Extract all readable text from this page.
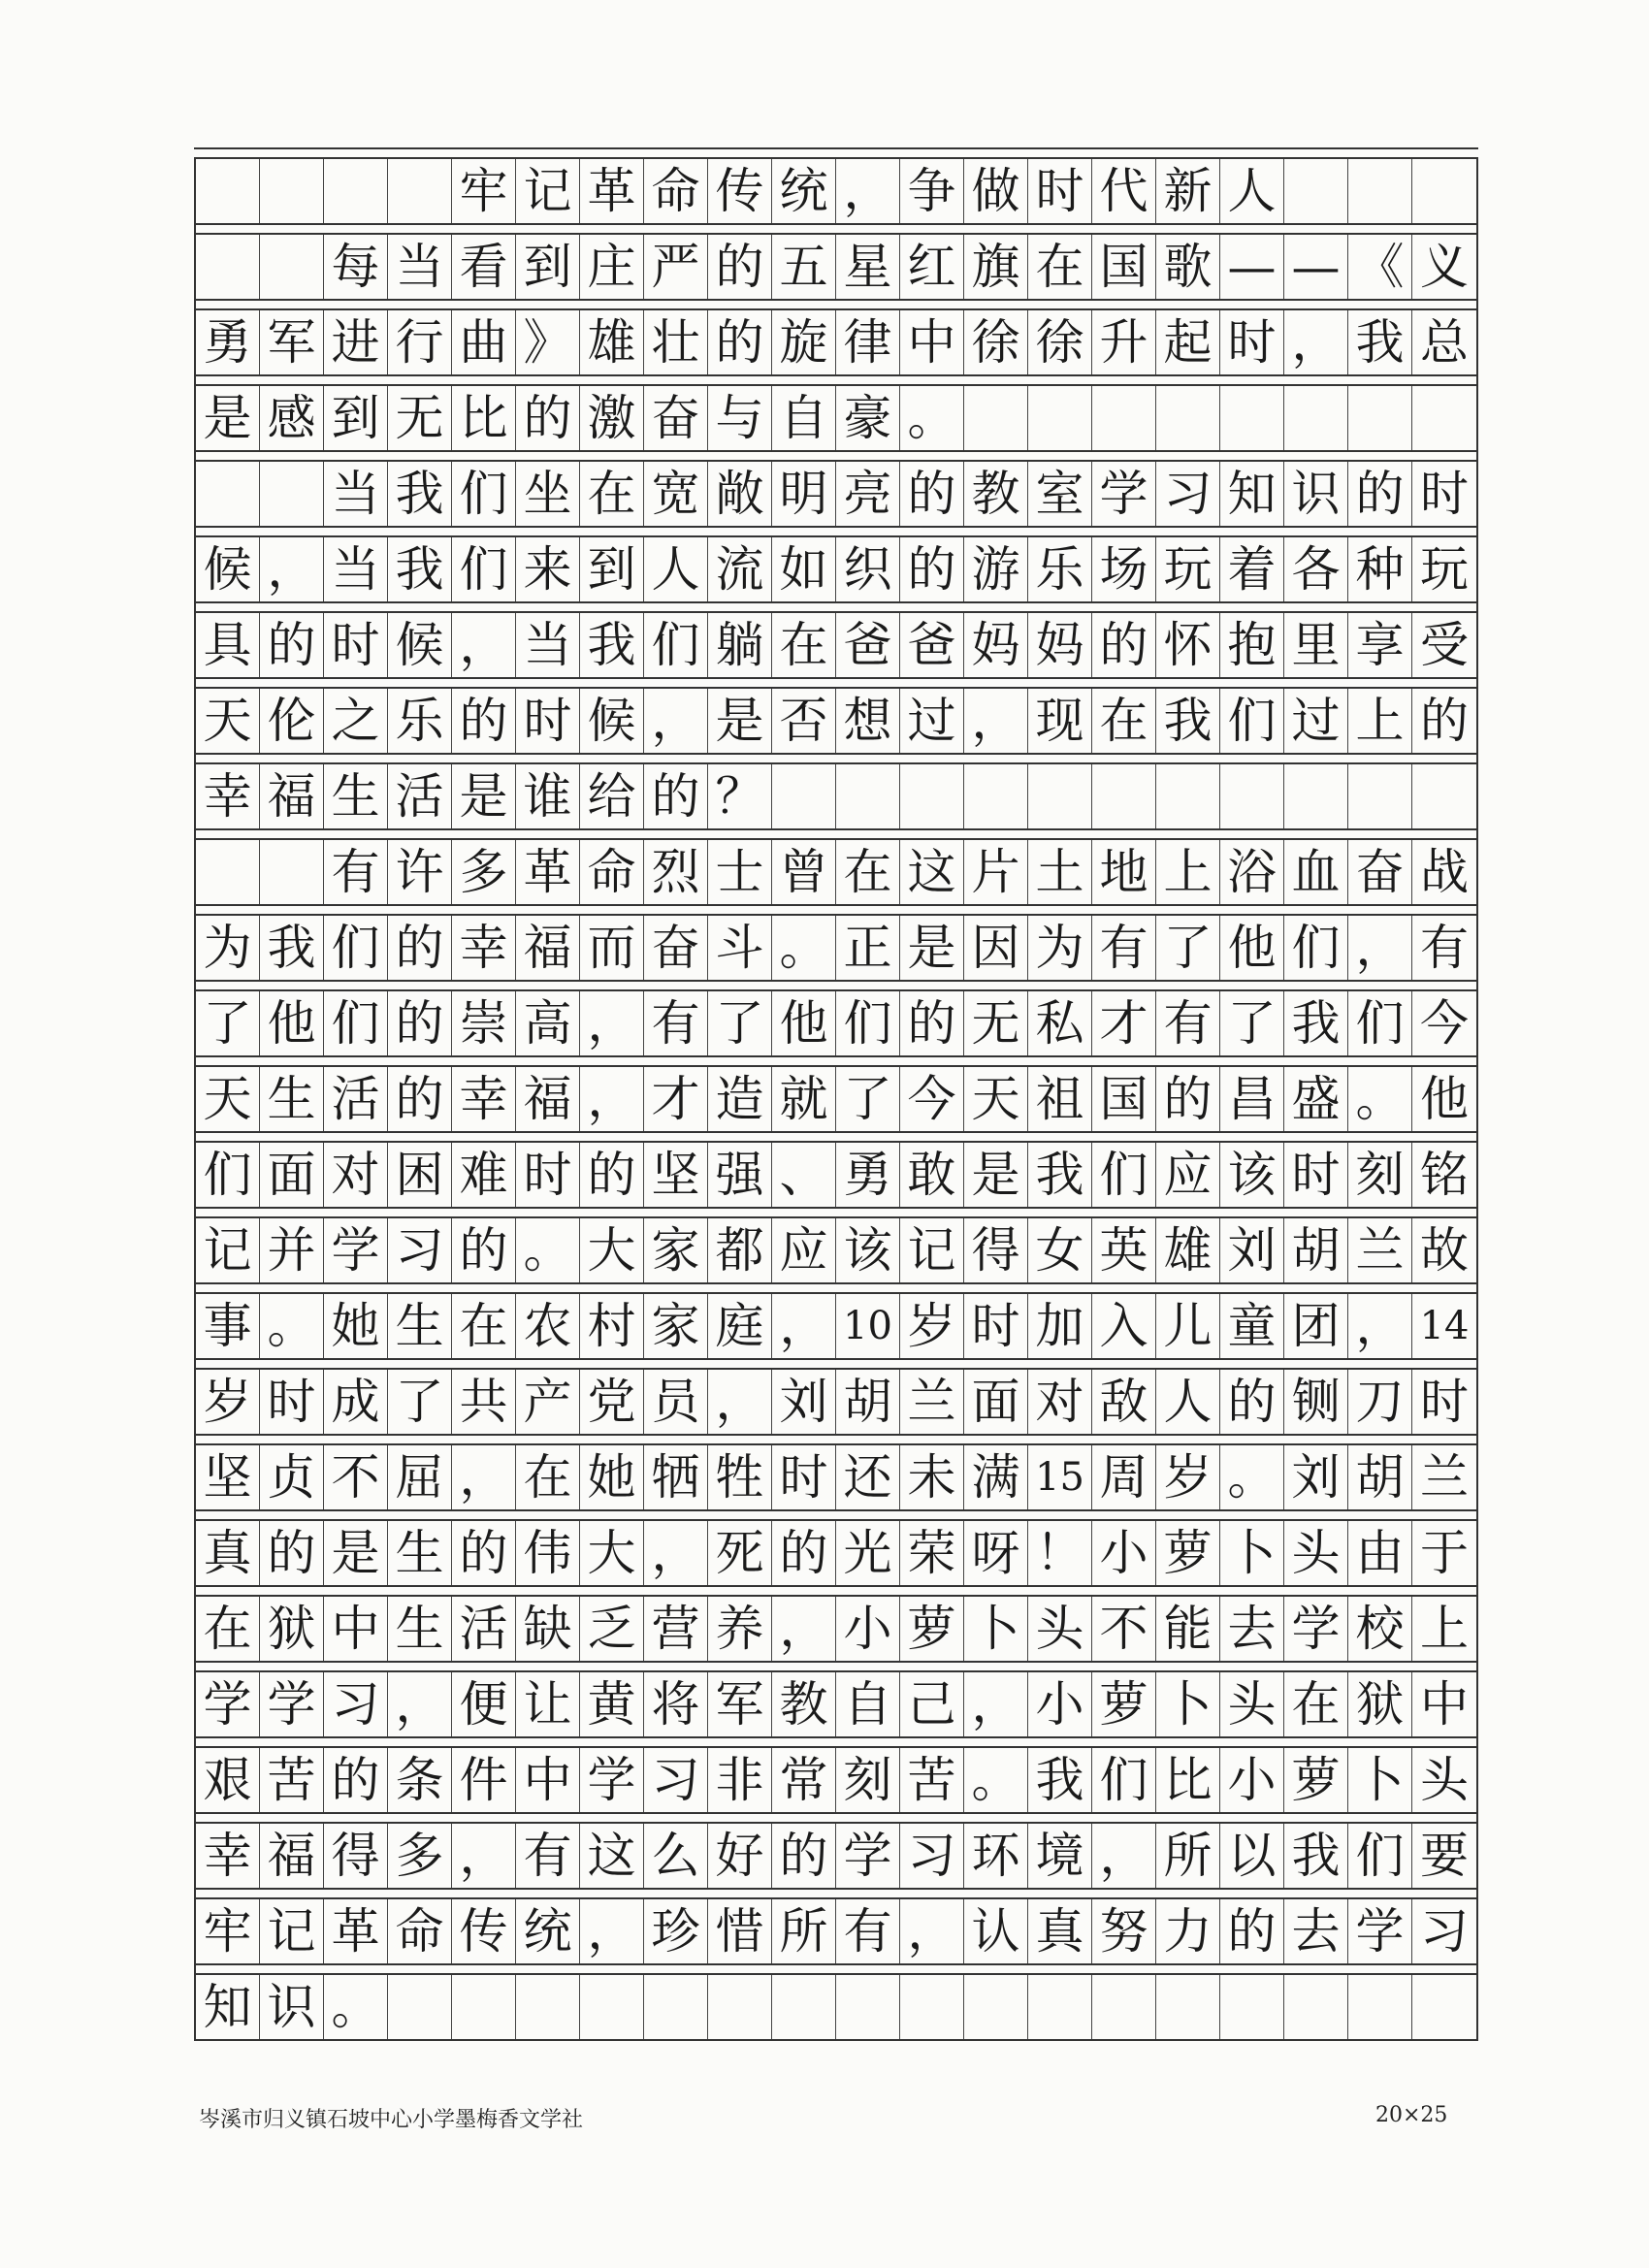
牢 记 革 命 传 统 ， 争 做 时 代 新 人
每 当 看 到 庄 严 的 五 星 红 旗 在 国 歌 — — 《 义
勇 军 进 行 曲 》 雄 壮 的 旋 律 中 徐 徐 升 起 时 ， 我 总
是 感 到 无 比 的 激 奋 与 自 豪 。
当 我 们 坐 在 宽 敞 明 亮 的 教 室 学 习 知 识 的 时
候 ， 当 我 们 来 到 人 流 如 织 的 游 乐 场 玩 着 各 种 玩
具 的 时 候 ， 当 我 们 躺 在 爸 爸 妈 妈 的 怀 抱 里 享 受
天 伦 之 乐 的 时 候 ， 是 否 想 过 ， 现 在 我 们 过 上 的
幸 福 生 活 是 谁 给 的 ？
有 许 多 革 命 烈 士 曾 在 这 片 土 地 上 浴 血 奋 战
为 我 们 的 幸 福 而 奋 斗 。 正 是 因 为 有 了 他 们 ， 有
了 他 们 的 崇 高 ， 有 了 他 们 的 无 私 才 有 了 我 们 今
天 生 活 的 幸 福 ， 才 造 就 了 今 天 祖 国 的 昌 盛 。 他
们 面 对 困 难 时 的 坚 强 、 勇 敢 是 我 们 应 该 时 刻 铭
记 并 学 习 的 。 大 家 都 应 该 记 得 女 英 雄 刘 胡 兰 故
事 。 她 生 在 农 村 家 庭 ， 10 岁 时 加 入 儿 童 团 ， 14
岁 时 成 了 共 产 党 员 ， 刘 胡 兰 面 对 敌 人 的 铡 刀 时
坚 贞 不 屈 ， 在 她 牺 牲 时 还 未 满 15 周 岁 。 刘 胡 兰
真 的 是 生 的 伟 大 ， 死 的 光 荣 呀 ！ 小 萝 卜 头 由 于
在 狱 中 生 活 缺 乏 营 养 ， 小 萝 卜 头 不 能 去 学 校 上
学 学 习 ， 便 让 黄 将 军 教 自 己 ， 小 萝 卜 头 在 狱 中
艰 苦 的 条 件 中 学 习 非 常 刻 苦 。 我 们 比 小 萝 卜 头
幸 福 得 多 ， 有 这 么 好 的 学 习 环 境 ， 所 以 我 们 要
牢 记 革 命 传 统 ， 珍 惜 所 有 ， 认 真 努 力 的 去 学 习
知 识 。
岑溪市归义镇石坡中心小学墨梅香文学社	20×25
